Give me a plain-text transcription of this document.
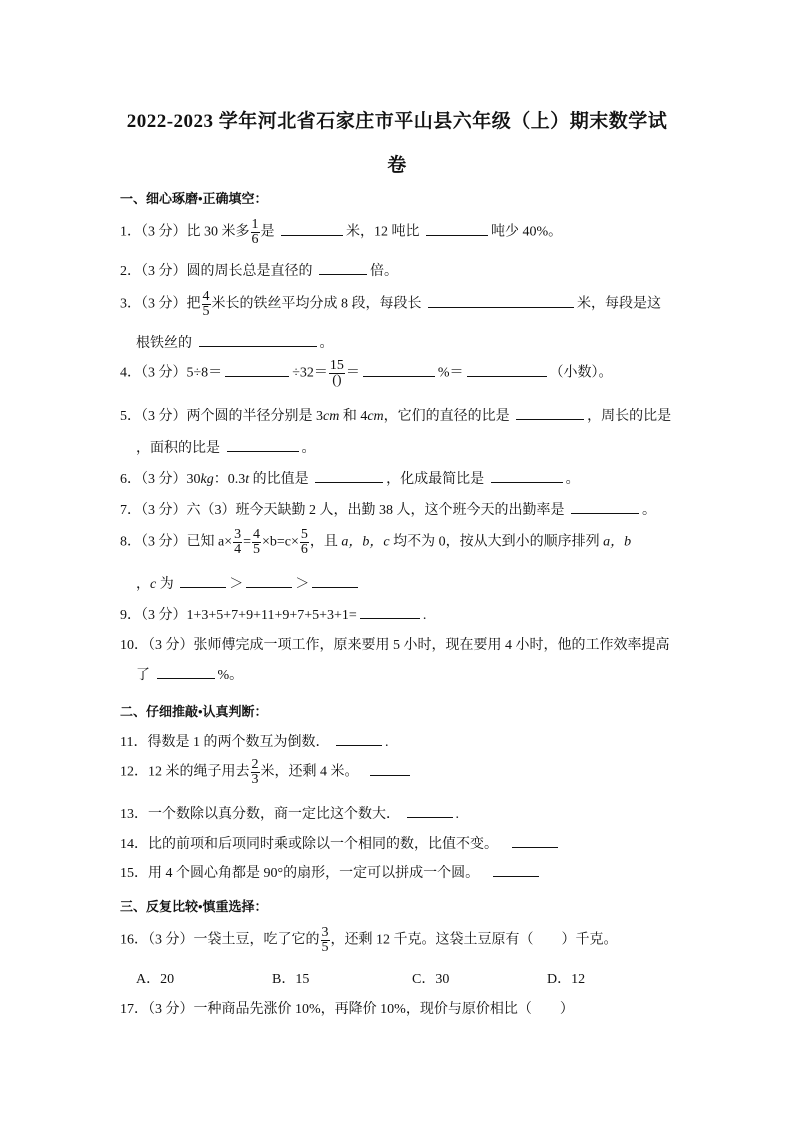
2022-2023 学年河北省石家庄市平山县六年级（上）期末数学试
卷
一、细心琢磨•正确填空：
1．（3 分）比 30 米多 $\frac{1}{6}$ 是	米，12 吨比	吨少 40%。
2．（3 分）圆的周长总是直径的	倍。
3．（3 分）把 $\frac{4}{5}$ 米长的铁丝平均分成 8 段，每段长	米，每段是这
根铁丝的	。
4．（3 分）5÷8＝	$\div 32= \frac{15}{()}$ ＝	%＝	（小数）。
5．（3 分）两个圆的半径分别是 3cm 和 4cm，它们的直径的比是	，周长的比是
，面积的比是	。
6．（3 分）30kg：0.3t 的比值是	，化成最简比是	。
7．（3 分）六（3）班今天缺勤 2 人，出勤 38 人，这个班今天的出勤率是	。
8．（3 分）已知 $a\times \frac{3}{4} = \frac{4}{5} \times b=c\times \frac{5}{6}$ ，且 a，b，c 均不为 0，按从大到小的顺序排列 a，b
，c 为	＞	＞
9．（3 分）1+3+5+7+9+11+9+7+5+3+1=	.
10．（3 分）张师傅完成一项工作，原来要用 5 小时，现在要用 4 小时，他的工作效率提高
了	%。
二、仔细推敲•认真判断：
11．得数是 1 的两个数互为倒数．	.
12．12 米的绳子用去 $\frac{2}{3}$ 米，还剩 4 米。
13．一个数除以真分数，商一定比这个数大．	.
14．比的前项和后项同时乘或除以一个相同的数，比值不变。
15．用 4 个圆心角都是 90°的扇形，一定可以拼成一个圆。
三、反复比较•慎重选择：
16．（3 分）一袋土豆，吃了它的 $\frac{3}{5}$ ，还剩 12 千克。这袋土豆原有（　　）千克。
A．20	B．15	C．30	D．12
17．（3 分）一种商品先涨价 10%，再降价 10%，现价与原价相比（　　）
